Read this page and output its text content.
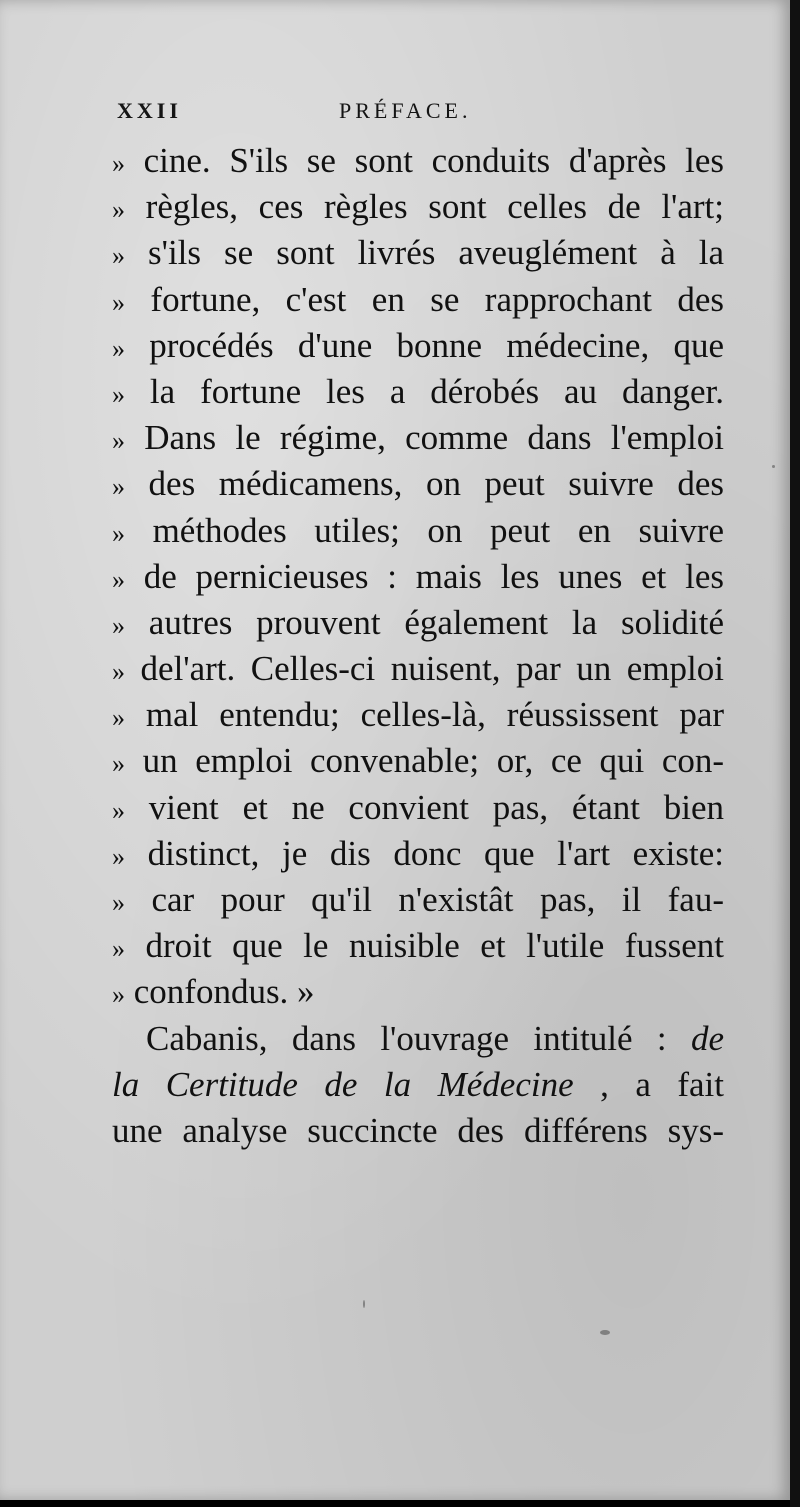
XXII	PRÉFACE.
» cine. S'ils se sont conduits d'après les
» règles, ces règles sont celles de l'art;
» s'ils se sont livrés aveuglément à la
» fortune, c'est en se rapprochant des
» procédés d'une bonne médecine, que
» la fortune les a dérobés au danger.
» Dans le régime, comme dans l'emploi
» des médicamens, on peut suivre des
» méthodes utiles; on peut en suivre
» de pernicieuses : mais les unes et les
» autres prouvent également la solidité
» del'art. Celles-ci nuisent, par un emploi
» mal entendu; celles-là, réussissent par
» un emploi convenable; or, ce qui con-
» vient et ne convient pas, étant bien
» distinct, je dis donc que l'art existe:
» car pour qu'il n'existât pas, il fau-
» droit que le nuisible et l'utile fussent
» confondus. »
Cabanis, dans l'ouvrage intitulé : de
la Certitude de la Médecine , a fait
une analyse succincte des différens sys-
